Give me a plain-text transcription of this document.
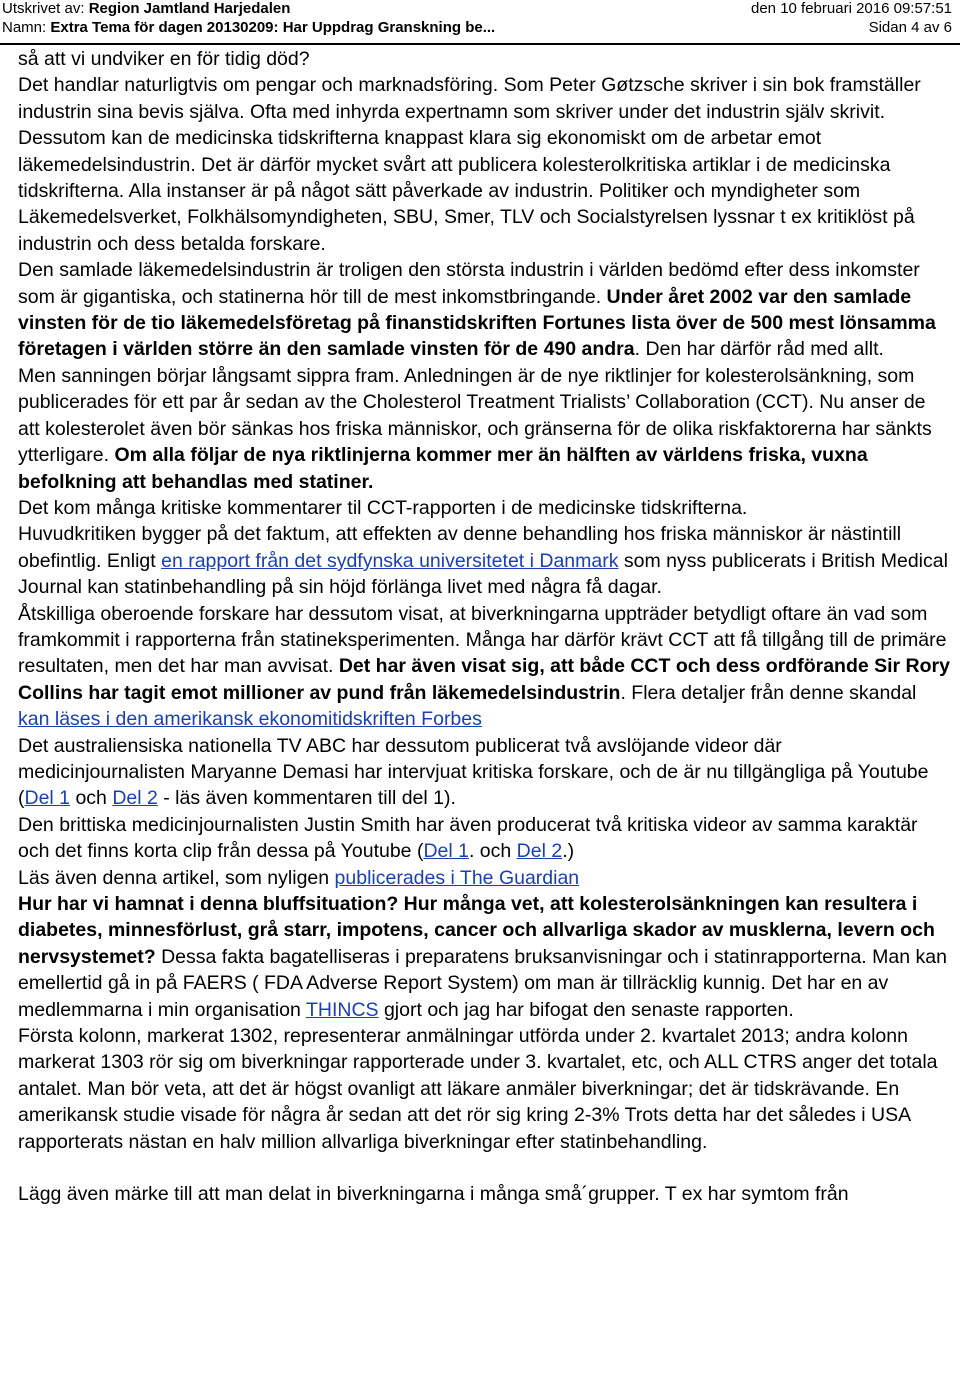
Utskrivet av: Region Jamtland Harjedalen	den 10 februari 2016 09:57:51
Namn: Extra Tema för dagen 20130209: Har Uppdrag Granskning be...	Sidan 4 av 6

så att vi undviker en för tidig död?

Det handlar naturligtvis om pengar och marknadsföring. Som Peter Gøtzsche skriver i sin bok framställer industrin sina bevis själva. Ofta med inhyrda expertnamn som skriver under det industrin själv skrivit.

Dessutom kan de medicinska tidskrifterna knappast klara sig ekonomiskt om de arbetar emot läkemedelsindustrin. Det är därför mycket svårt att publicera kolesterolkritiska artiklar i de medicinska tidskrifterna. Alla instanser är på något sätt påverkade av industrin. Politiker och myndigheter som Läkemedelsverket, Folkhälsomyndigheten, SBU, Smer, TLV och Socialstyrelsen lyssnar t ex kritiklöst på industrin och dess betalda forskare.

Den samlade läkemedelsindustrin är troligen den största industrin i världen bedömd efter dess inkomster som är gigantiska, och statinerna hör till de mest inkomstbringande. Under året 2002 var den samlade vinsten för de tio läkemedelsföretag på finanstidskriften Fortunes lista över de 500 mest lönsamma företagen i världen större än den samlade vinsten för de 490 andra. Den har därför råd med allt.

Men sanningen börjar långsamt sippra fram. Anledningen är de nye riktlinjer for kolesterolsänkning, som publicerades för ett par år sedan av the Cholesterol Treatment Trialists’ Collaboration (CCT). Nu anser de att kolesterolet även bör sänkas hos friska människor, och gränserna för de olika riskfaktorerna har sänkts ytterligare. Om alla följar de nya riktlinjerna kommer mer än hälften av världens friska, vuxna befolkning att behandlas med statiner.

Det kom många kritiske kommentarer til CCT-rapporten i de medicinske tidskrifterna.

Huvudkritiken bygger på det faktum, att effekten av denne behandling hos friska människor är nästintill obefintlig. Enligt en rapport från det sydfynska universitetet i Danmark som nyss publicerats i British Medical Journal kan statinbehandling på sin höjd förlänga livet med några få dagar.

Åtskilliga oberoende forskare har dessutom visat, at biverkningarna uppträder betydligt oftare än vad som framkommit i rapporterna från statineksperimenten. Många har därför krävt CCT att få tillgång till de primäre resultaten, men det har man avvisat. Det har även visat sig, att både CCT och dess ordförande Sir Rory Collins har tagit emot millioner av pund från läkemedelsindustrin. Flera detaljer från denne skandal kan läses i den amerikansk ekonomitidskriften Forbes

Det australiensiska nationella TV ABC har dessutom publicerat två avslöjande videor där medicinjournalisten Maryanne Demasi har intervjuat kritiska forskare, och de är nu tillgängliga på Youtube (Del 1 och Del 2 - läs även kommentaren till del 1).

Den brittiska medicinjournalisten Justin Smith har även producerat två kritiska videor av samma karaktär och det finns korta clip från dessa på Youtube (Del 1. och Del 2.)

Läs även denna artikel, som nyligen publicerades i The Guardian

Hur har vi hamnat i denna bluffsituation? Hur många vet, att kolesterolsänkningen kan resultera i diabetes, minnesförlust, grå starr, impotens, cancer och allvarliga skador av musklerna, levern och nervsystemet? Dessa fakta bagatelliseras i preparatens bruksanvisningar och i statinrapporterna. Man kan emellertid gå in på FAERS ( FDA Adverse Report System) om man är tillräcklig kunnig. Det har en av medlemmarna i min organisation THINCS gjort och jag har bifogat den senaste rapporten.

Första kolonn, markerat 1302, representerar anmälningar utförda under 2. kvartalet 2013; andra kolonn markerat 1303 rör sig om biverkningar rapporterade under 3. kvartalet, etc, och ALL CTRS anger det totala antalet. Man bör veta, att det är högst ovanligt att läkare anmäler biverkningar; det är tidskrävande. En amerikansk studie visade för några år sedan att det rör sig kring 2-3% Trots detta har det således i USA rapporterats nästan en halv million allvarliga biverkningar efter statinbehandling.

Lägg även märke till att man delat in biverkningarna i många små´grupper. T ex har symtom från
